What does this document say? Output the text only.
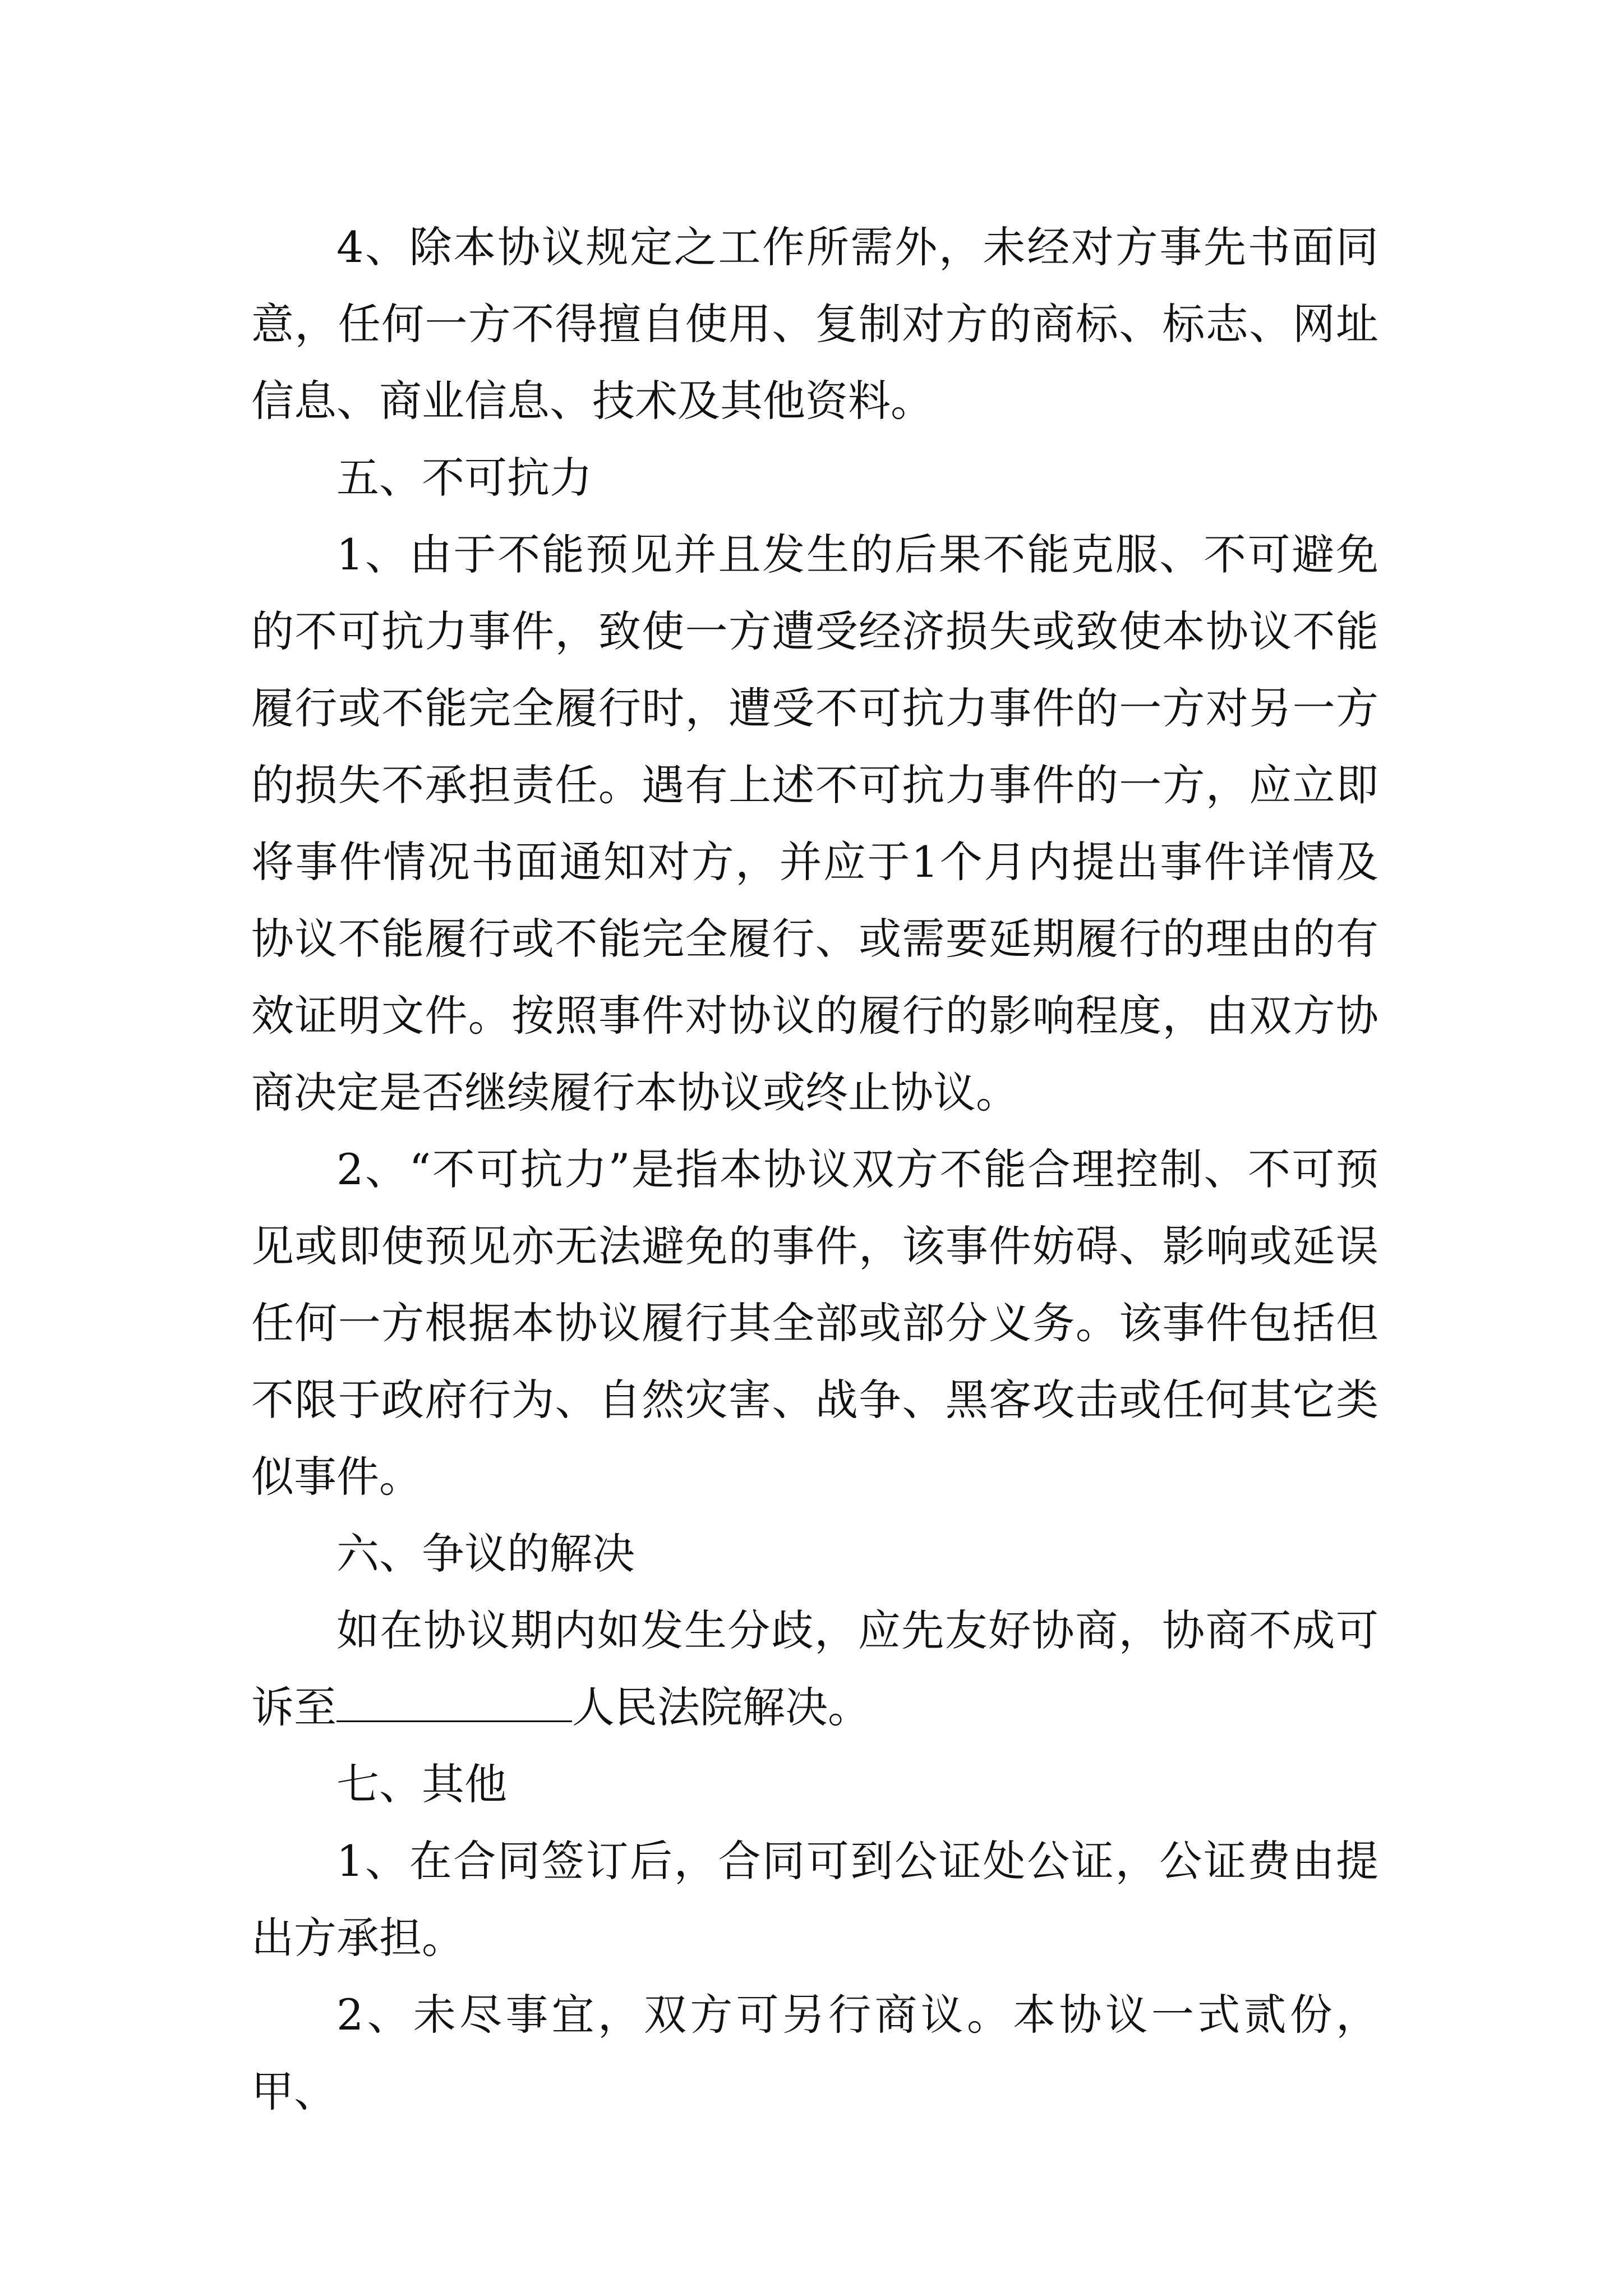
4、除本协议规定之工作所需外，未经对方事先书面同意，任何一方不得擅自使用、复制对方的商标、标志、网址信息、商业信息、技术及其他资料。

五、不可抗力

1、由于不能预见并且发生的后果不能克服、不可避免的不可抗力事件，致使一方遭受经济损失或致使本协议不能履行或不能完全履行时，遭受不可抗力事件的一方对另一方的损失不承担责任。遇有上述不可抗力事件的一方，应立即将事件情况书面通知对方，并应于1个月内提出事件详情及协议不能履行或不能完全履行、或需要延期履行的理由的有效证明文件。按照事件对协议的履行的影响程度，由双方协商决定是否继续履行本协议或终止协议。

2、“不可抗力”是指本协议双方不能合理控制、不可预见或即使预见亦无法避免的事件，该事件妨碍、影响或延误任何一方根据本协议履行其全部或部分义务。该事件包括但不限于政府行为、自然灾害、战争、黑客攻击或任何其它类似事件。

六、争议的解决

如在协议期内如发生分歧，应先友好协商，协商不成可诉至	人民法院解决。

七、其他

1、在合同签订后，合同可到公证处公证，公证费由提出方承担。

2、未尽事宜，双方可另行商议。本协议一式贰份，甲、
